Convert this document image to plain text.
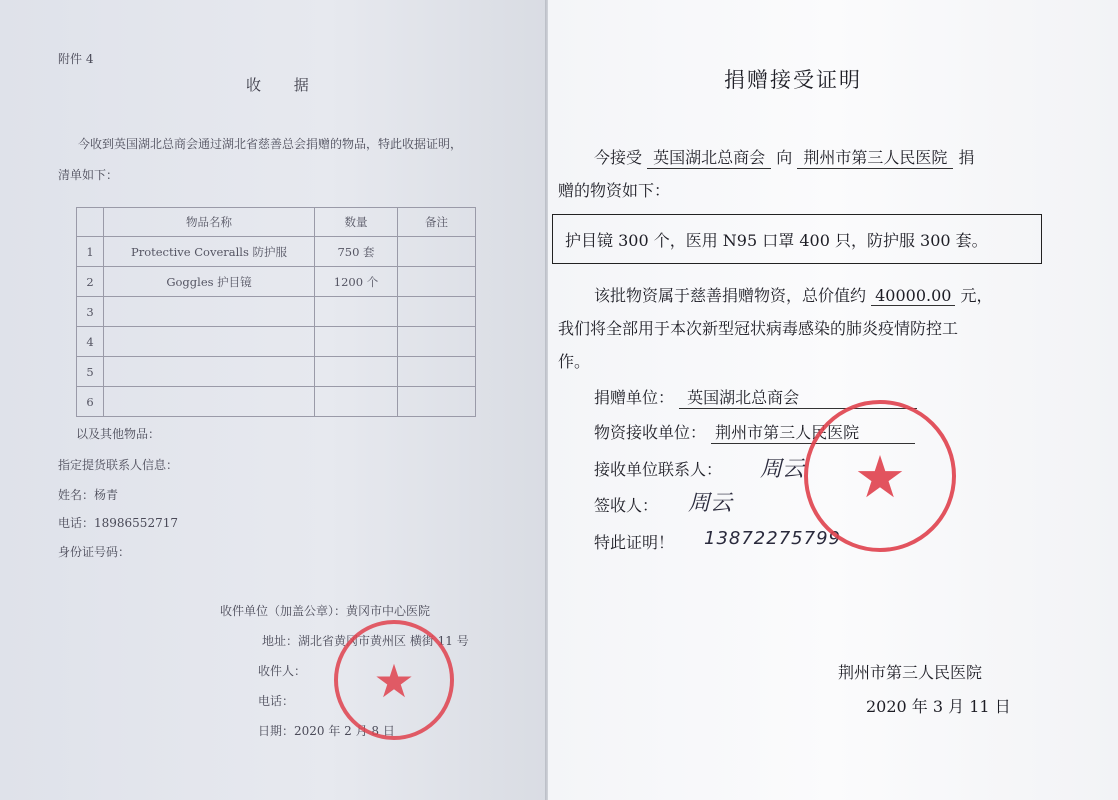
附件 4
收 据
今收到英国湖北总商会通过湖北省慈善总会捐赠的物品，特此收据证明，
清单如下：
	物品名称	数量	备注
1	Protective Coveralls 防护服	750 套	
2	Goggles 护目镜	1200 个	
3			
4			
5			
6			
以及其他物品：
指定提货联系人信息：
姓名：杨青
电话：18986552717
身份证号码：
收件单位（加盖公章）：黄冈市中心医院
地址：湖北省黄冈市黄州区 横街 11 号
收件人：
电话：
日期：2020 年 2 月 8 日
★
捐赠接受证明
今接受 英国湖北总商会 向 荆州市第三人民医院 捐
赠的物资如下：
护目镜 300 个，医用 N95 口罩 400 只，防护服 300 套。
该批物资属于慈善捐赠物资，总价值约 40000.00 元，
我们将全部用于本次新型冠状病毒感染的肺炎疫情防控工
作。
捐赠单位： 英国湖北总商会
物资接收单位： 荆州市第三人民医院
接收单位联系人： 周云
签收人： 周云
特此证明！ 13872275799
★
荆州市第三人民医院
2020 年 3 月 11 日
